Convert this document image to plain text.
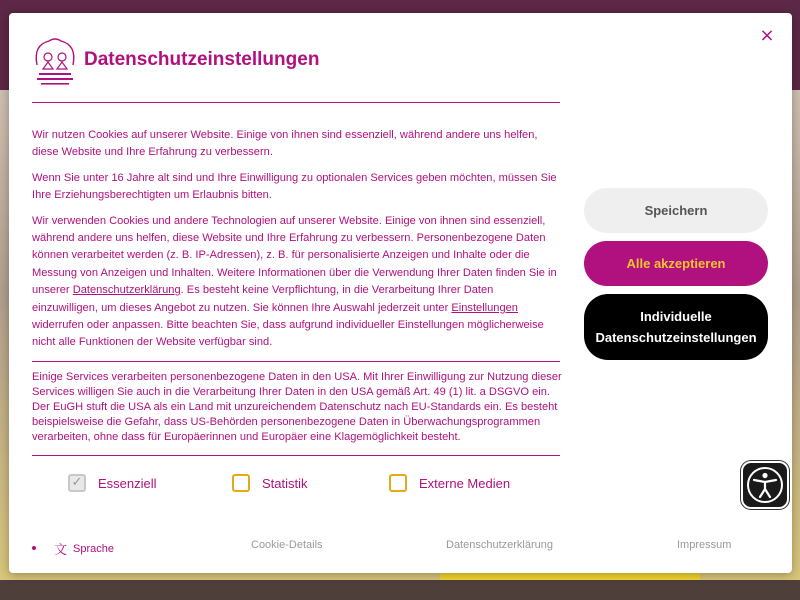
×
Datenschutzeinstellungen

Wir nutzen Cookies auf unserer Website. Einige von ihnen sind essenziell, während andere uns helfen, diese Website und Ihre Erfahrung zu verbessern.

Wenn Sie unter 16 Jahre alt sind und Ihre Einwilligung zu optionalen Services geben möchten, müssen Sie Ihre Erziehungsberechtigten um Erlaubnis bitten.

Wir verwenden Cookies und andere Technologien auf unserer Website. Einige von ihnen sind essenziell, während andere uns helfen, diese Website und Ihre Erfahrung zu verbessern. Personenbezogene Daten können verarbeitet werden (z. B. IP-Adressen), z. B. für personalisierte Anzeigen und Inhalte oder die Messung von Anzeigen und Inhalten. Weitere Informationen über die Verwendung Ihrer Daten finden Sie in unserer Datenschutzerklärung. Es besteht keine Verpflichtung, in die Verarbeitung Ihrer Daten einzuwilligen, um dieses Angebot zu nutzen. Sie können Ihre Auswahl jederzeit unter Einstellungen widerrufen oder anpassen. Bitte beachten Sie, dass aufgrund individueller Einstellungen möglicherweise nicht alle Funktionen der Website verfügbar sind.

Einige Services verarbeiten personenbezogene Daten in den USA. Mit Ihrer Einwilligung zur Nutzung dieser Services willigen Sie auch in die Verarbeitung Ihrer Daten in den USA gemäß Art. 49 (1) lit. a DSGVO ein. Der EuGH stuft die USA als ein Land mit unzureichendem Datenschutz nach EU-Standards ein. Es besteht beispielsweise die Gefahr, dass US-Behörden personenbezogene Daten in Überwachungsprogrammen verarbeiten, ohne dass für Europäerinnen und Europäer eine Klagemöglichkeit besteht.
✓ Essenziell	Statistik	Externe Medien
Speichern
Alle akzeptieren
Individuelle Datenschutzeinstellungen
文 Sprache	Cookie-Details	Datenschutzerklärung	Impressum
